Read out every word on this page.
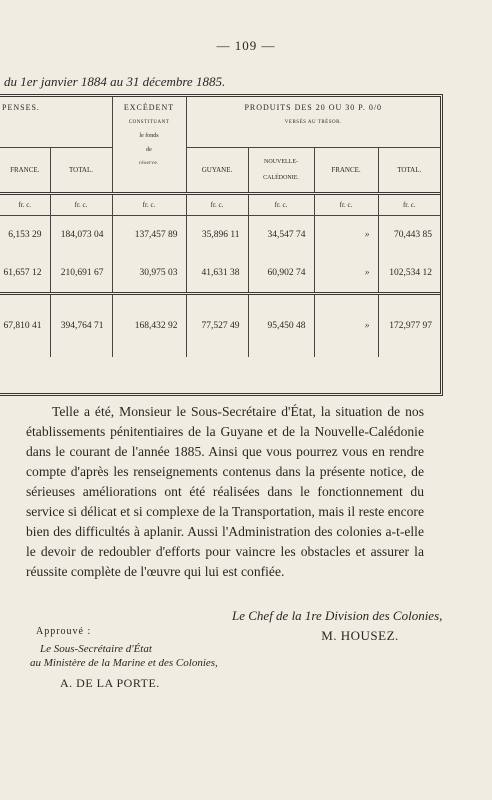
— 109 —
du 1er janvier 1884 au 31 décembre 1885.
PENSES.		EXCÉDENT
CONSTITUANT
le fonds
de
réserve.	PRODUITS DES 20 OU 30 P. 0/0
VERSÉS AU TRÉSOR.			

FRANCE.	TOTAL.		GUYANE.	NOUVELLE-
CALÉDONIE.	FRANCE.	TOTAL.
fr. c.	fr. c.	fr. c.	fr. c.	fr. c.	fr. c.	fr. c.
6,153 29	184,073 04	137,457 89	35,896 11	34,547 74	»	70,443 85
61,657 12	210,691 67	30,975 03	41,631 38	60,902 74	»	102,534 12
67,810 41	394,764 71	168,432 92	77,527 49	95,450 48	»	172,977 97

Telle a été, Monsieur le Sous-Secrétaire d'État, la situation de nos établissements pénitentiaires de la Guyane et de la Nouvelle-Calédonie dans le courant de l'année 1885. Ainsi que vous pourrez vous en rendre compte d'après les renseignements contenus dans la présente notice, de sérieuses améliorations ont été réalisées dans le fonctionnement du service si délicat et si complexe de la Transportation, mais il reste encore bien des difficultés à aplanir. Aussi l'Administration des colonies a-t-elle le devoir de redoubler d'efforts pour vaincre les obstacles et assurer la réussite complète de l'œuvre qui lui est confiée.

Le Chef de la 1re Division des Colonies,
M. HOUSEZ.
Approuvé :
Le Sous-Secrétaire d'État
au Ministère de la Marine et des Colonies,
A. DE LA PORTE.
